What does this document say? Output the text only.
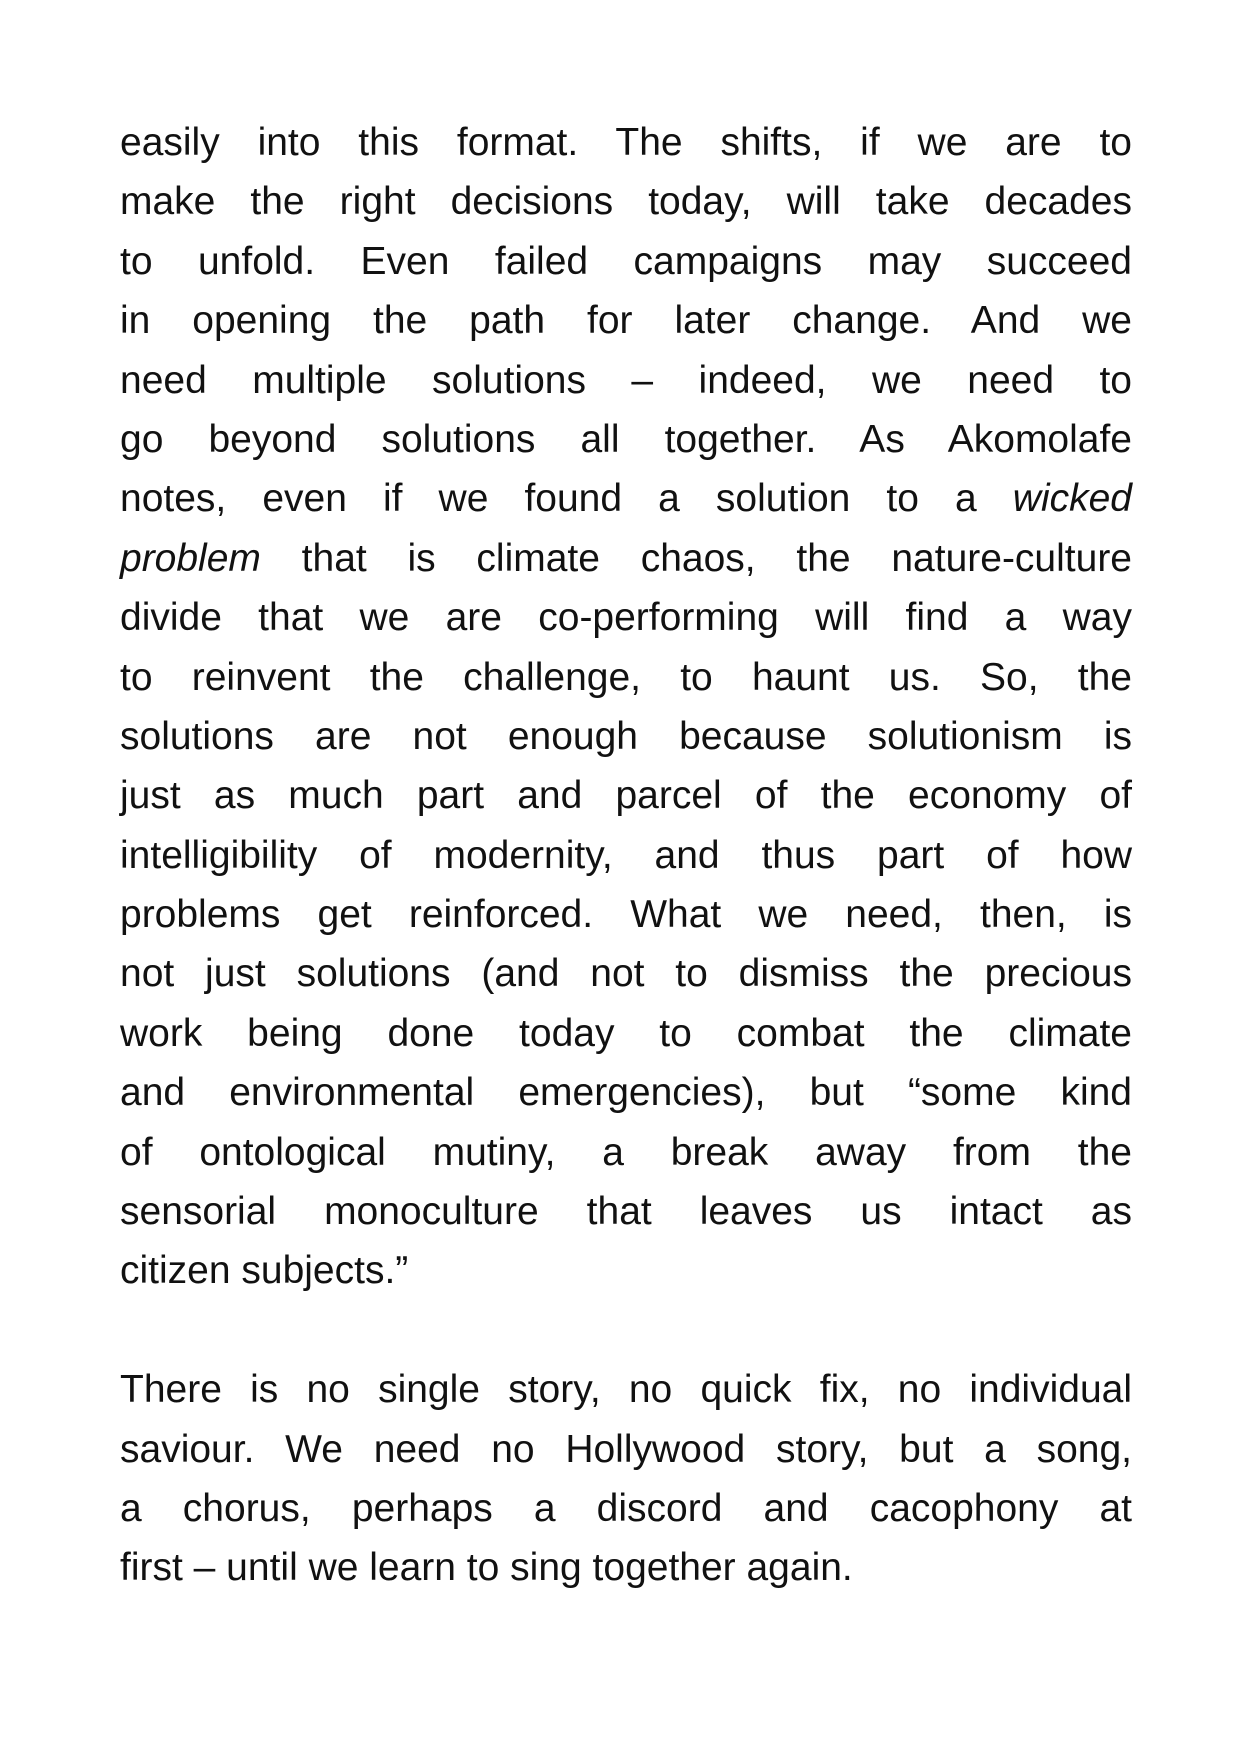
easily into this format. The shifts, if we are to
make the right decisions today, will take decades
to unfold. Even failed campaigns may succeed
in opening the path for later change. And we
need multiple solutions – indeed, we need to
go beyond solutions all together. As Akomolafe
notes, even if we found a solution to a wicked
problem that is climate chaos, the nature-culture
divide that we are co-performing will find a way
to reinvent the challenge, to haunt us. So, the
solutions are not enough because solutionism is
just as much part and parcel of the economy of
intelligibility of modernity, and thus part of how
problems get reinforced. What we need, then, is
not just solutions (and not to dismiss the precious
work being done today to combat the climate
and environmental emergencies), but “some kind
of ontological mutiny, a break away from the
sensorial monoculture that leaves us intact as
citizen subjects.”
There is no single story, no quick fix, no individual
saviour. We need no Hollywood story, but a song,
a chorus, perhaps a discord and cacophony at
first – until we learn to sing together again.
